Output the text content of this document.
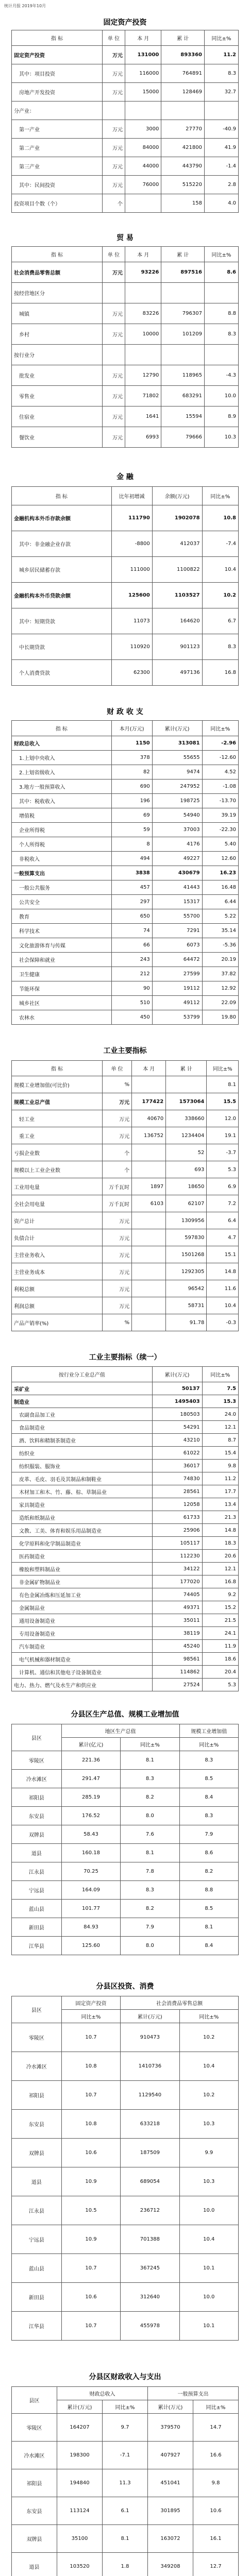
统计月报 2019年10月
固定资产投资
指 标	单 位	本 月	累 计	同比±%
固定资产投资	万元	131000	893360	11.2
其中：项目投资	万元	116000	764891	8.3
房地产开发投资	万元	15000	128469	32.7
分产业：				
第一产业	万元	3000	27770	-40.9
第二产业	万元	84000	421800	41.9
第三产业	万元	44000	443790	-1.4
其中：民间投资	万元	76000	515220	2.8
投资项目个数（个）	个		158	4.0
贸 易
指 标	单 位	本 月	累 计	同比±%
社会消费品零售总额	万元	93226	897516	8.6
按经营地区分				
城镇	万元	83226	796307	8.8
乡村	万元	10000	101209	8.3
按行业分				
批发业	万元	12790	118965	-4.3
零售业	万元	71802	683291	10.0
住宿业	万元	1641	15594	8.9
餐饮业	万元	6993	79666	10.3
金 融
指 标	比年初增减	余额(万元)	同比±%
金融机构本外币存款余额	111790	1902078	10.8
其中：非金融企业存款	-8800	412037	-7.4
城乡居民储蓄存款	111000	1100822	10.4
金融机构本外币贷款余额	125600	1103527	10.2
其中：短期贷款	11073	164620	6.7
中长期贷款	110920	901123	8.3
个人消费贷款	62300	497136	16.8
财 政 收 支
指 标	本月(万元)	累计(万元)	同比±%
财政总收入	1150	313081	-2.96
1.上划中央收入	378	55655	-12.60
2.上划省级收入	82	9474	4.52
3.地方一般预算收入	690	247952	-1.08
其中：税收收入	196	198725	-13.70
增值税	69	54940	39.19
企业所得税	59	37003	-22.30
个人所得税	8	4176	5.40
非税收入	494	49227	12.60
一般预算支出	3838	430679	16.23
一般公共服务	457	41443	16.48
公共安全	297	15317	6.44
教育	650	55700	5.22
科学技术	74	7291	35.14
文化旅游体育与传媒	66	6073	-5.36
社会保障和就业	243	64472	20.19
卫生健康	212	27599	37.82
节能环保	90	19112	12.92
城乡社区	510	49112	22.09
农林水	450	53799	19.80
工业主要指标
指 标	单 位	本 月	累 计	同比±%
规模工业增加值(可比价)	%			8.1
规模工业总产值	万元	177422	1573064	15.5
轻工业	万元	40670	338660	12.0
重工业	万元	136752	1234404	19.1
亏损企业数	个		52	-3.7
规模以上工业企业数	个		693	5.3
工业用电量	万千瓦时	1897	18650	6.9
全社会用电量	万千瓦时	6103	62107	7.2
资产总计	万元		1309956	6.4
负债合计	万元		597830	4.7
主营业务收入	万元		1501268	15.1
主营业务成本	万元		1292305	14.8
利税总额	万元		96542	11.6
利润总额	万元		58731	10.4
产品产销率(%)	%		91.78	-0.3
工业主要指标（续一）
按行业分工业总产值	累计(万元)	同比±%
采矿业	50137	7.5
制造业	1495403	15.3
农副食品加工业	180503	24.0
食品制造业	54291	12.1
酒、饮料和精制茶制造业	43210	8.7
纺织业	61022	15.4
纺织服装、服饰业	36017	9.8
皮革、毛皮、羽毛及其制品和制鞋业	74830	11.2
木材加工和木、竹、藤、棕、草制品业	28561	17.7
家具制造业	12058	13.4
造纸和纸制品业	61733	21.3
文教、工美、体育和娱乐用品制造业	25906	14.8
化学原料和化学制品制造业	105117	18.3
医药制造业	112230	20.6
橡胶和塑料制品业	34122	12.1
非金属矿物制品业	177020	16.8
有色金属冶炼和压延加工业	74405	9.2
金属制品业	49371	15.2
通用设备制造业	35011	21.5
专用设备制造业	38119	24.1
汽车制造业	45240	11.9
电气机械和器材制造业	98561	18.6
计算机、通信和其他电子设备制造业	114862	20.4
电力、热力、燃气及水生产和供应业	27524	5.3
分县区生产总值、规模工业增加值
县区	地区生产总值		规模工业增加值
	累计(亿元)	同比±%	同比±%
零陵区	221.36	8.1	8.3
冷水滩区	291.47	8.3	8.5
祁阳县	285.19	8.2	8.4
东安县	176.52	8.0	8.3
双牌县	58.43	7.6	7.9
道县	160.18	8.1	8.6
江永县	70.25	7.8	8.2
宁远县	164.09	8.3	8.8
蓝山县	101.77	8.2	8.5
新田县	84.93	7.9	8.1
江华县	125.60	8.0	8.4
分县区投资、消费
县区	固定资产投资	社会消费品零售总额	
	同比±%	累计(万元)	同比±%
零陵区	10.7	910473	10.2
冷水滩区	10.8	1410736	10.4
祁阳县	10.7	1129540	10.2
东安县	10.8	633218	10.3
双牌县	10.6	187509	9.9
道县	10.9	689054	10.3
江永县	10.5	236712	10.0
宁远县	10.9	701388	10.4
蓝山县	10.7	367245	10.1
新田县	10.6	312640	10.0
江华县	10.7	455978	10.1
分县区财政收入与支出
县区	财政总收入		一般预算支出	
	累计(万元)	同比±%	累计(万元)	同比±%
零陵区	164207	9.7	379570	14.7
冷水滩区	198300	-7.1	407927	16.6
祁阳县	194840	11.3	451041	9.8
东安县	113124	6.1	301895	10.6
双牌县	35100	8.1	163072	16.1
道县	103520	1.8	349208	12.7
